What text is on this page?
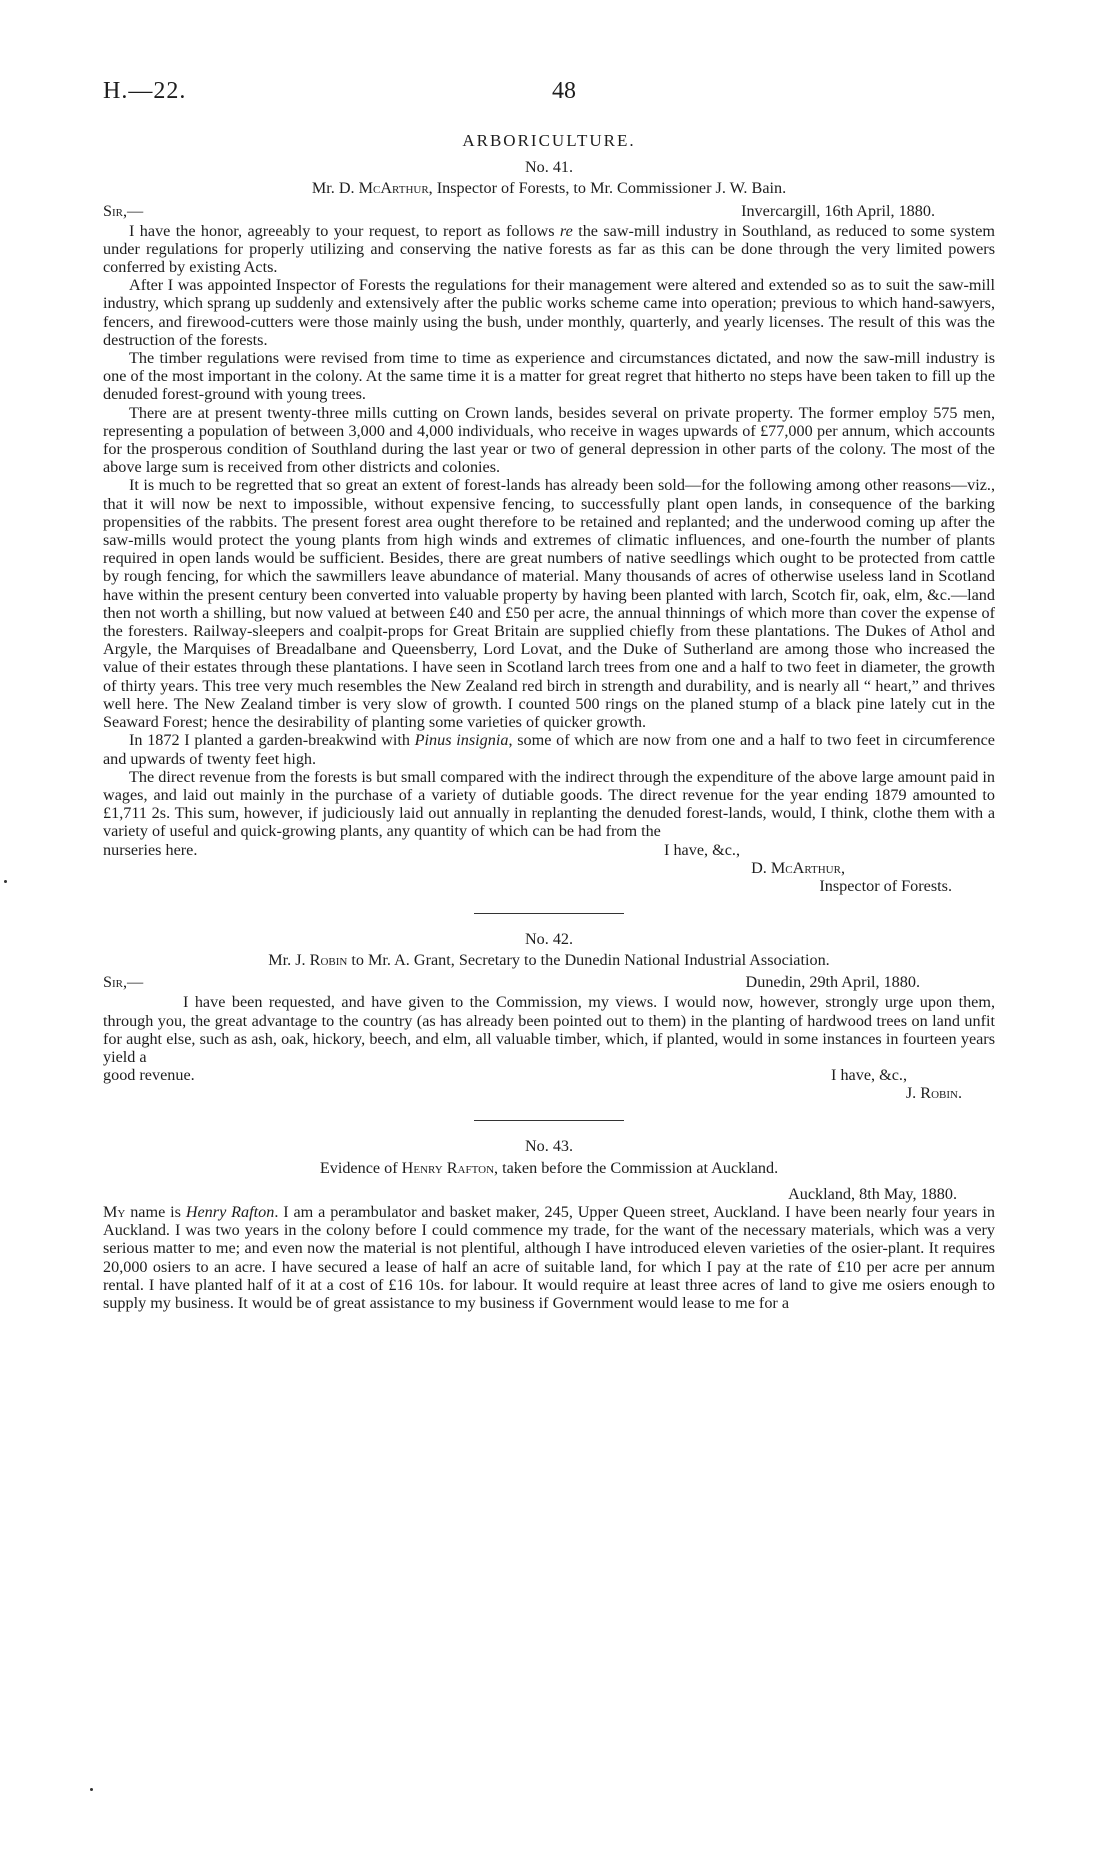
H.—22.	48
ARBORICULTURE.
No. 41.
Mr. D. McArthur, Inspector of Forests, to Mr. Commissioner J. W. Bain.
Sir,—	Invercargill, 16th April, 1880.

I have the honor, agreeably to your request, to report as follows re the saw-mill industry in Southland, as reduced to some system under regulations for properly utilizing and conserving the native forests as far as this can be done through the very limited powers conferred by existing Acts.

After I was appointed Inspector of Forests the regulations for their management were altered and extended so as to suit the saw-mill industry, which sprang up suddenly and extensively after the public works scheme came into operation; previous to which hand-sawyers, fencers, and firewood-cutters were those mainly using the bush, under monthly, quarterly, and yearly licenses. The result of this was the destruction of the forests.

The timber regulations were revised from time to time as experience and circumstances dictated, and now the saw-mill industry is one of the most important in the colony. At the same time it is a matter for great regret that hitherto no steps have been taken to fill up the denuded forest-ground with young trees.

There are at present twenty-three mills cutting on Crown lands, besides several on private property. The former employ 575 men, representing a population of between 3,000 and 4,000 individuals, who receive in wages upwards of £77,000 per annum, which accounts for the prosperous condition of Southland during the last year or two of general depression in other parts of the colony. The most of the above large sum is received from other districts and colonies.

It is much to be regretted that so great an extent of forest-lands has already been sold—for the following among other reasons—viz., that it will now be next to impossible, without expensive fencing, to successfully plant open lands, in consequence of the barking propensities of the rabbits. The present forest area ought therefore to be retained and replanted; and the underwood coming up after the saw-mills would protect the young plants from high winds and extremes of climatic influences, and one-fourth the number of plants required in open lands would be sufficient. Besides, there are great numbers of native seedlings which ought to be protected from cattle by rough fencing, for which the sawmillers leave abundance of material. Many thousands of acres of otherwise useless land in Scotland have within the present century been converted into valuable property by having been planted with larch, Scotch fir, oak, elm, &c.—land then not worth a shilling, but now valued at between £40 and £50 per acre, the annual thinnings of which more than cover the expense of the foresters. Railway-sleepers and coalpit-props for Great Britain are supplied chiefly from these plantations. The Dukes of Athol and Argyle, the Marquises of Breadalbane and Queensberry, Lord Lovat, and the Duke of Sutherland are among those who increased the value of their estates through these plantations. I have seen in Scotland larch trees from one and a half to two feet in diameter, the growth of thirty years. This tree very much resembles the New Zealand red birch in strength and durability, and is nearly all “ heart,” and thrives well here. The New Zealand timber is very slow of growth. I counted 500 rings on the planed stump of a black pine lately cut in the Seaward Forest; hence the desirability of planting some varieties of quicker growth.

In 1872 I planted a garden-breakwind with Pinus insignia, some of which are now from one and a half to two feet in circumference and upwards of twenty feet high.

The direct revenue from the forests is but small compared with the indirect through the expenditure of the above large amount paid in wages, and laid out mainly in the purchase of a variety of dutiable goods. The direct revenue for the year ending 1879 amounted to £1,711 2s. This sum, however, if judiciously laid out annually in replanting the denuded forest-lands, would, I think, clothe them with a variety of useful and quick-growing plants, any quantity of which can be had from the

nurseries here.	I have, &c.,
D. McArthur,
Inspector of Forests.
No. 42.
Mr. J. Robin to Mr. A. Grant, Secretary to the Dunedin National Industrial Association.
Sir,—	Dunedin, 29th April, 1880.

I have been requested, and have given to the Commission, my views. I would now, however, strongly urge upon them, through you, the great advantage to the country (as has already been pointed out to them) in the planting of hardwood trees on land unfit for aught else, such as ash, oak, hickory, beech, and elm, all valuable timber, which, if planted, would in some instances in fourteen years yield a

good revenue.	I have, &c.,
J. Robin.
No. 43.
Evidence of Henry Rafton, taken before the Commission at Auckland.
Auckland, 8th May, 1880.

My name is Henry Rafton. I am a perambulator and basket maker, 245, Upper Queen street, Auckland. I have been nearly four years in Auckland. I was two years in the colony before I could commence my trade, for the want of the necessary materials, which was a very serious matter to me; and even now the material is not plentiful, although I have introduced eleven varieties of the osier-plant. It requires 20,000 osiers to an acre. I have secured a lease of half an acre of suitable land, for which I pay at the rate of £10 per acre per annum rental. I have planted half of it at a cost of £16 10s. for labour. It would require at least three acres of land to give me osiers enough to supply my business. It would be of great assistance to my business if Government would lease to me for a
